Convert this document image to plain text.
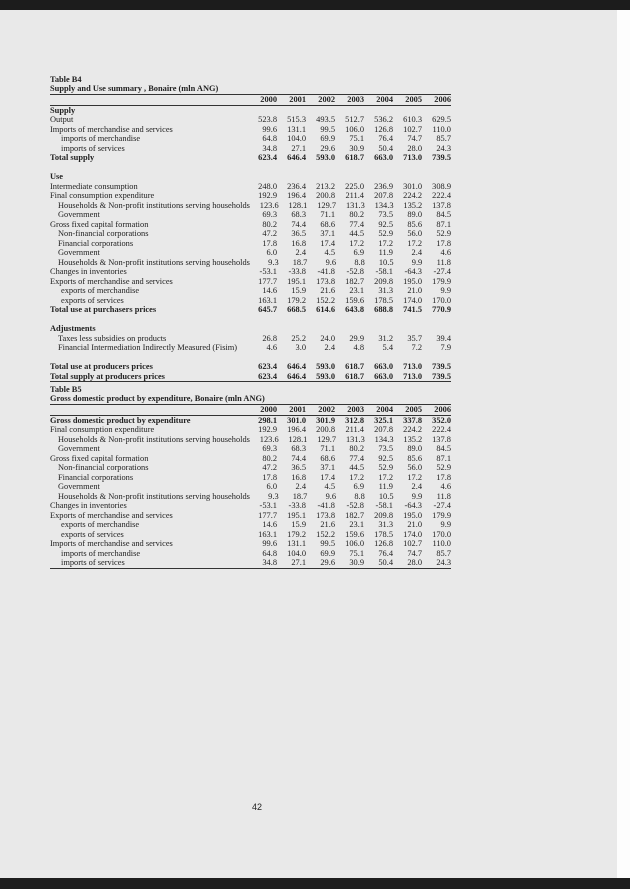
Table B4
Supply and Use summary , Bonaire (mln ANG)
2000	2001	2002	2003	2004	2005	2006
Supply
Output	523.8	515.3	493.5	512.7	536.2	610.3	629.5
Imports of merchandise and services	99.6	131.1	99.5	106.0	126.8	102.7	110.0
imports of merchandise	64.8	104.0	69.9	75.1	76.4	74.7	85.7
imports of services	34.8	27.1	29.6	30.9	50.4	28.0	24.3
Total supply	623.4	646.4	593.0	618.7	663.0	713.0	739.5
Use
Intermediate consumption	248.0	236.4	213.2	225.0	236.9	301.0	308.9
Final consumption expenditure	192.9	196.4	200.8	211.4	207.8	224.2	222.4
Households & Non-profit institutions serving households	123.6	128.1	129.7	131.3	134.3	135.2	137.8
Government	69.3	68.3	71.1	80.2	73.5	89.0	84.5
Gross fixed capital formation	80.2	74.4	68.6	77.4	92.5	85.6	87.1
Non-financial corporations	47.2	36.5	37.1	44.5	52.9	56.0	52.9
Financial corporations	17.8	16.8	17.4	17.2	17.2	17.2	17.8
Government	6.0	2.4	4.5	6.9	11.9	2.4	4.6
Households & Non-profit institutions serving households	9.3	18.7	9.6	8.8	10.5	9.9	11.8
Changes in inventories	-53.1	-33.8	-41.8	-52.8	-58.1	-64.3	-27.4
Exports of merchandise and services	177.7	195.1	173.8	182.7	209.8	195.0	179.9
exports of merchandise	14.6	15.9	21.6	23.1	31.3	21.0	9.9
exports of services	163.1	179.2	152.2	159.6	178.5	174.0	170.0
Total use at purchasers prices	645.7	668.5	614.6	643.8	688.8	741.5	770.9
Adjustments
Taxes less subsidies on products	26.8	25.2	24.0	29.9	31.2	35.7	39.4
Financial Intermediation Indirectly Measured (Fisim)	4.6	3.0	2.4	4.8	5.4	7.2	7.9
Total use at producers prices	623.4	646.4	593.0	618.7	663.0	713.0	739.5
Total supply at producers prices	623.4	646.4	593.0	618.7	663.0	713.0	739.5
Table B5
Gross domestic product by expenditure, Bonaire (mln ANG)
2000	2001	2002	2003	2004	2005	2006
Gross domestic product by expenditure	298.1	301.0	301.9	312.8	325.1	337.8	352.0
Final consumption expenditure	192.9	196.4	200.8	211.4	207.8	224.2	222.4
Households & Non-profit institutions serving households	123.6	128.1	129.7	131.3	134.3	135.2	137.8
Government	69.3	68.3	71.1	80.2	73.5	89.0	84.5
Gross fixed capital formation	80.2	74.4	68.6	77.4	92.5	85.6	87.1
Non-financial corporations	47.2	36.5	37.1	44.5	52.9	56.0	52.9
Financial corporations	17.8	16.8	17.4	17.2	17.2	17.2	17.8
Government	6.0	2.4	4.5	6.9	11.9	2.4	4.6
Households & Non-profit institutions serving households	9.3	18.7	9.6	8.8	10.5	9.9	11.8
Changes in inventories	-53.1	-33.8	-41.8	-52.8	-58.1	-64.3	-27.4
Exports of merchandise and services	177.7	195.1	173.8	182.7	209.8	195.0	179.9
exports of merchandise	14.6	15.9	21.6	23.1	31.3	21.0	9.9
exports of services	163.1	179.2	152.2	159.6	178.5	174.0	170.0
Imports of merchandise and services	99.6	131.1	99.5	106.0	126.8	102.7	110.0
imports of merchandise	64.8	104.0	69.9	75.1	76.4	74.7	85.7
imports of services	34.8	27.1	29.6	30.9	50.4	28.0	24.3
42
